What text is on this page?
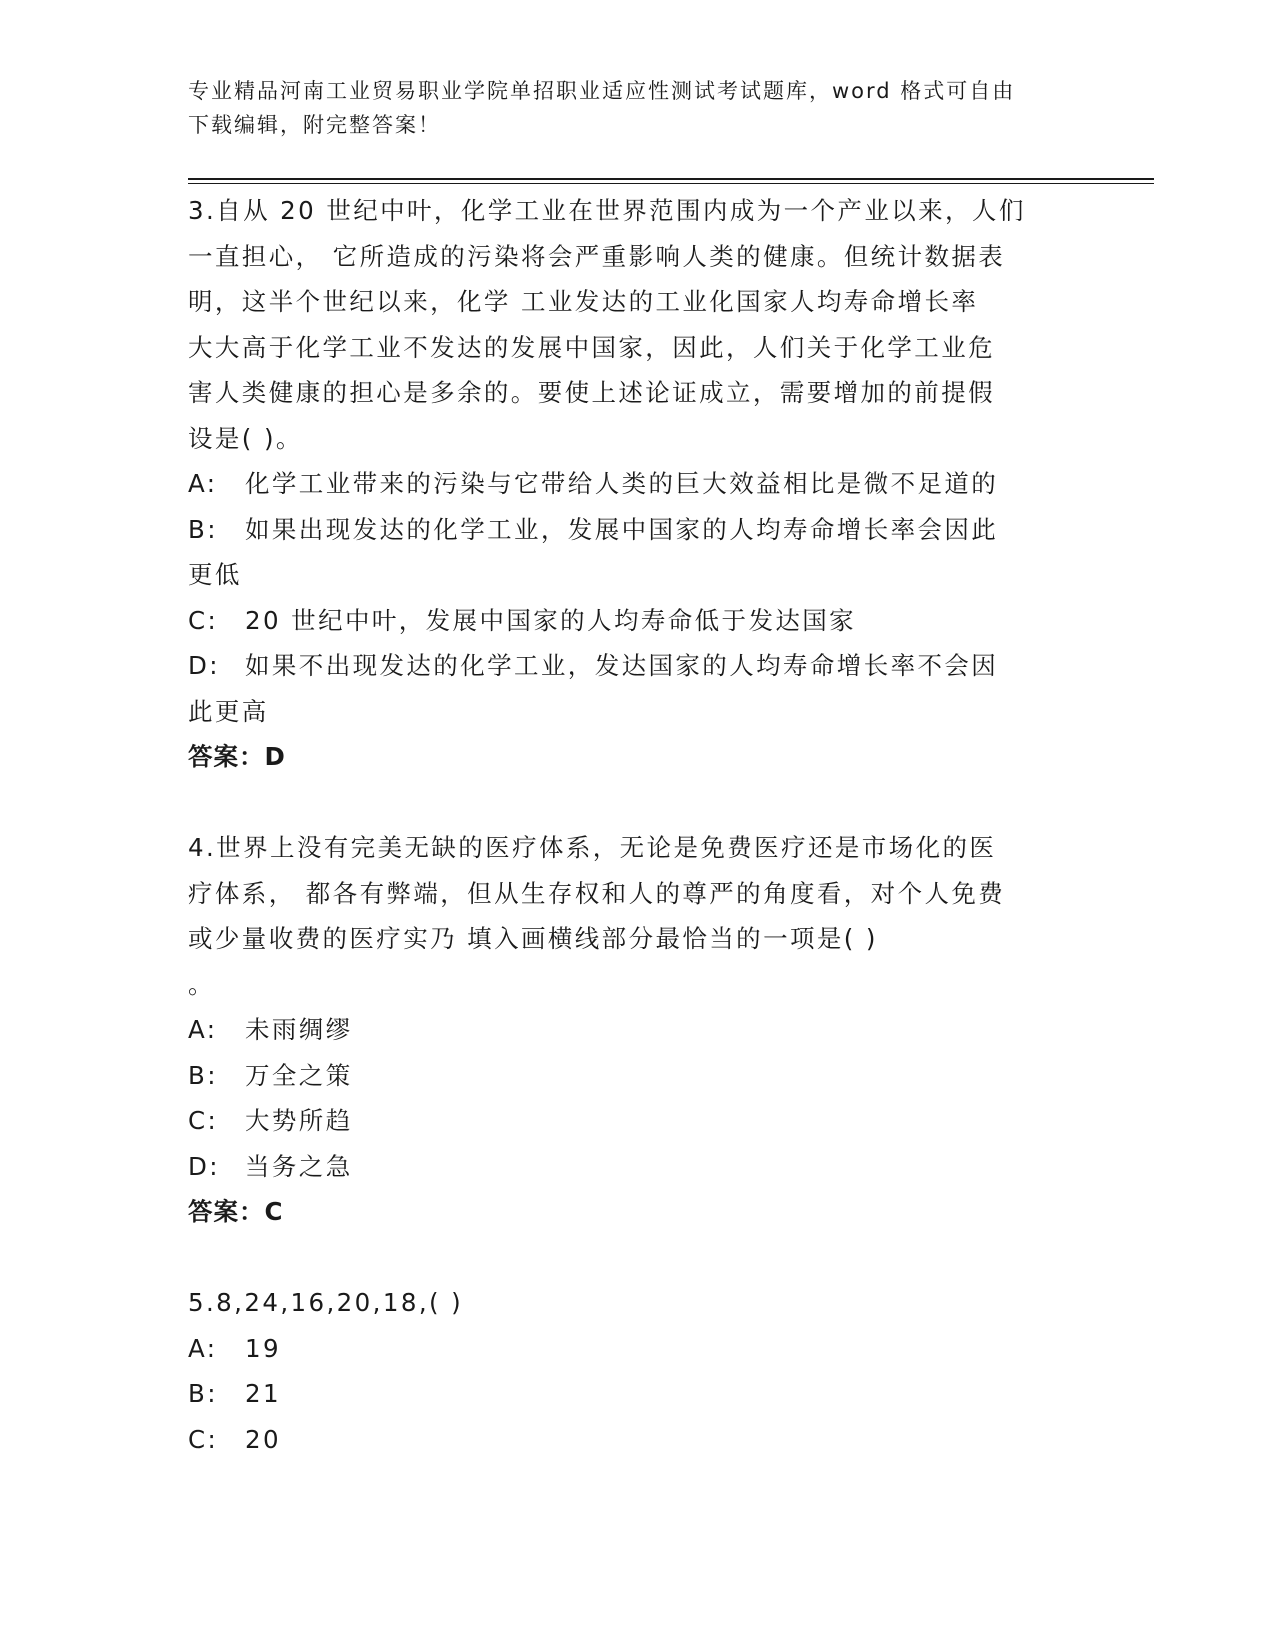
专业精品河南工业贸易职业学院单招职业适应性测试考试题库，word 格式可自由
下载编辑，附完整答案！
3.自从 20 世纪中叶，化学工业在世界范围内成为一个产业以来，人们
一直担心， 它所造成的污染将会严重影响人类的健康。但统计数据表
明，这半个世纪以来，化学 工业发达的工业化国家人均寿命增长率
大大高于化学工业不发达的发展中国家，因此，人们关于化学工业危
害人类健康的担心是多余的。要使上述论证成立，需要增加的前提假
设是( )。
A:	化学工业带来的污染与它带给人类的巨大效益相比是微不足道的
B:	如果出现发达的化学工业，发展中国家的人均寿命增长率会因此
更低
C:	20 世纪中叶，发展中国家的人均寿命低于发达国家
D:	如果不出现发达的化学工业，发达国家的人均寿命增长率不会因
此更高
答案：D
4.世界上没有完美无缺的医疗体系，无论是免费医疗还是市场化的医
疗体系， 都各有弊端，但从生存权和人的尊严的角度看，对个人免费
或少量收费的医疗实乃 填入画横线部分最恰当的一项是( )
。
A:	未雨绸缪
B:	万全之策
C:	大势所趋
D:	当务之急
答案：C
5.8,24,16,20,18,( )
A:	19
B:	21
C:	20
